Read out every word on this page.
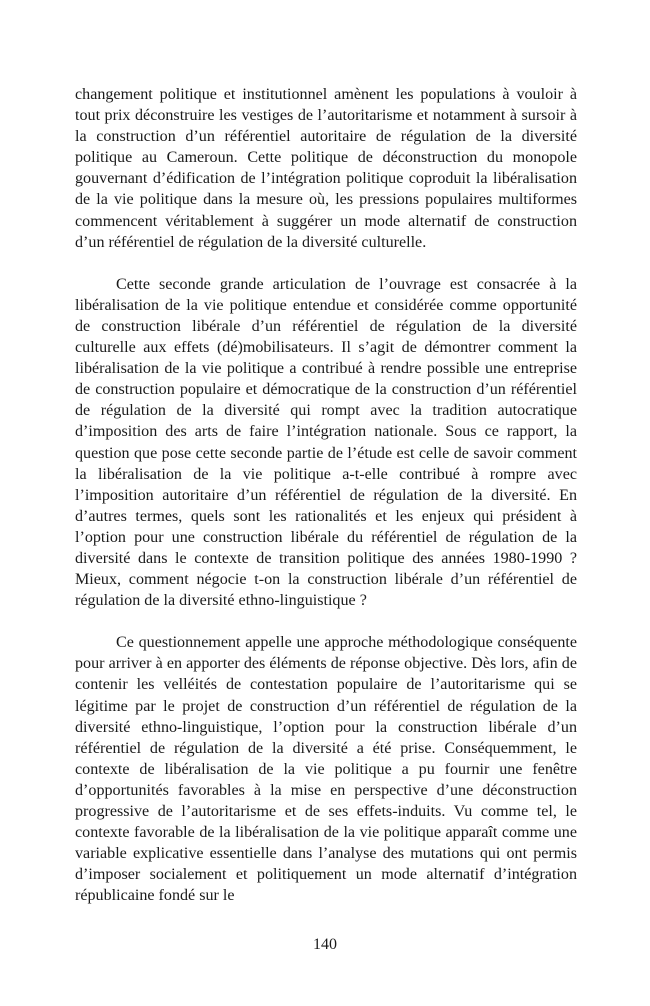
changement politique et institutionnel amènent les populations à vouloir à tout prix déconstruire les vestiges de l’autoritarisme et notamment à sursoir à la construction d’un référentiel autoritaire de régulation de la diversité politique au Cameroun. Cette politique de déconstruction du monopole gouvernant d’édification de l’intégration politique coproduit la libéralisation de la vie politique dans la mesure où, les pressions populaires multiformes commencent véritablement à suggérer un mode alternatif de construction d’un référentiel de régulation de la diversité culturelle.

Cette seconde grande articulation de l’ouvrage est consacrée à la libéralisation de la vie politique entendue et considérée comme opportunité de construction libérale d’un référentiel de régulation de la diversité culturelle aux effets (dé)mobilisateurs. Il s’agit de démontrer comment la libéralisation de la vie politique a contribué à rendre possible une entreprise de construction populaire et démocratique de la construction d’un référentiel de régulation de la diversité qui rompt avec la tradition autocratique d’imposition des arts de faire l’intégration nationale. Sous ce rapport, la question que pose cette seconde partie de l’étude est celle de savoir comment la libéralisation de la vie politique a-t-elle contribué à rompre avec l’imposition autoritaire d’un référentiel de régulation de la diversité. En d’autres termes, quels sont les rationalités et les enjeux qui président à l’option pour une construction libérale du référentiel de régulation de la diversité dans le contexte de transition politique des années 1980-1990 ? Mieux, comment négocie t-on la construction libérale d’un référentiel de régulation de la diversité ethno-linguistique ?

Ce questionnement appelle une approche méthodologique conséquente pour arriver à en apporter des éléments de réponse objective. Dès lors, afin de contenir les velléités de contestation populaire de l’autoritarisme qui se légitime par le projet de construction d’un référentiel de régulation de la diversité ethno-linguistique, l’option pour la construction libérale d’un référentiel de régulation de la diversité a été prise. Conséquemment, le contexte de libéralisation de la vie politique a pu fournir une fenêtre d’opportunités favorables à la mise en perspective d’une déconstruction progressive de l’autoritarisme et de ses effets-induits. Vu comme tel, le contexte favorable de la libéralisation de la vie politique apparaît comme une variable explicative essentielle dans l’analyse des mutations qui ont permis d’imposer socialement et politiquement un mode alternatif d’intégration républicaine fondé sur le

140
